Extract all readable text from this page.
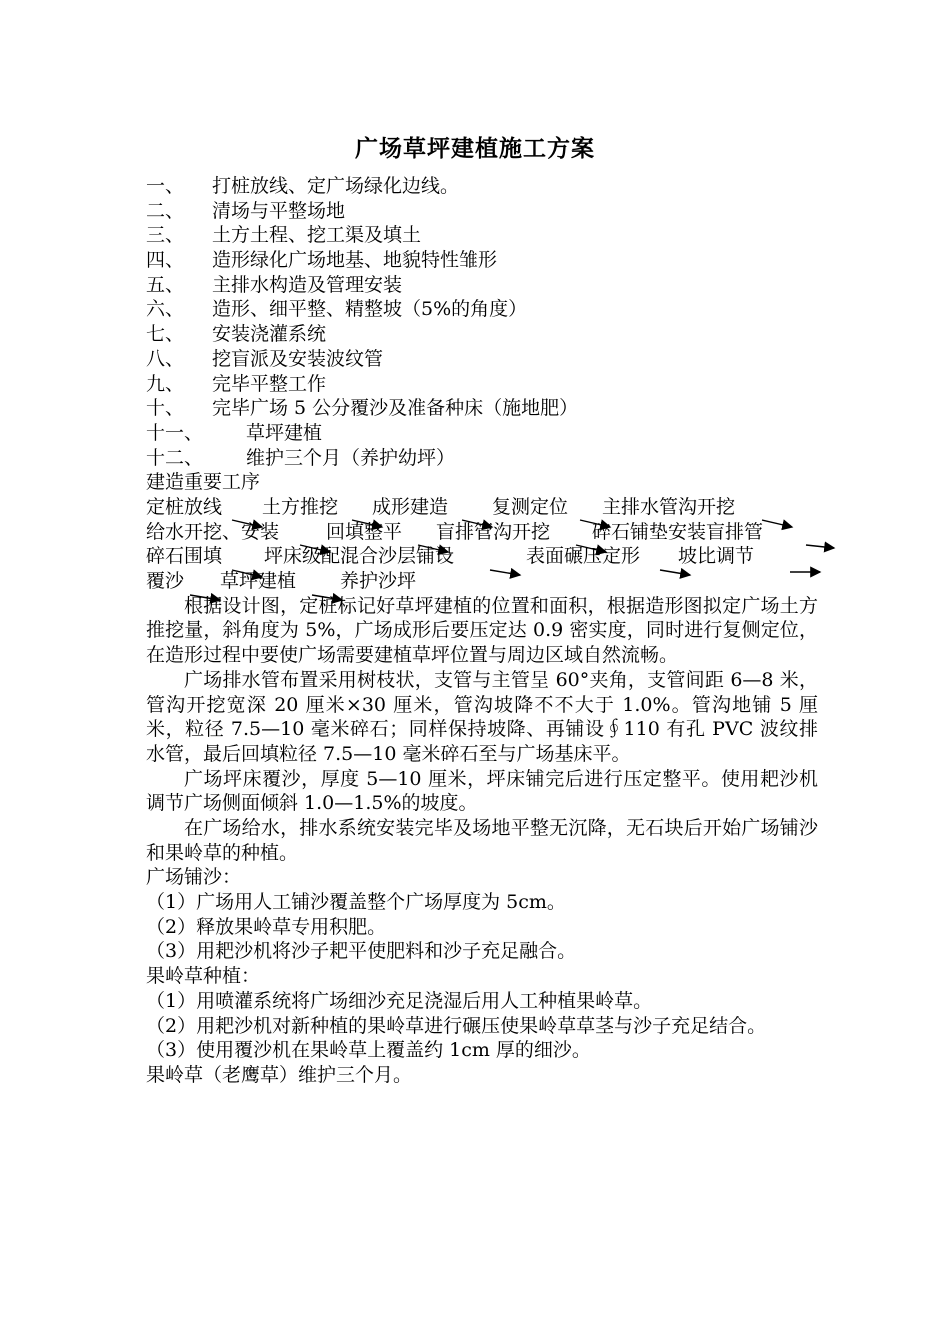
广场草坪建植施工方案
一、 打桩放线、定广场绿化边线。
二、 清场与平整场地
三、 土方土程、挖工渠及填土
四、 造形绿化广场地基、地貌特性雏形
五、 主排水构造及管理安装
六、 造形、细平整、精整坡（5%的角度）
七、 安装浇灌系统
八、 挖盲派及安装波纹管
九、 完毕平整工作
十、 完毕广场 5 公分覆沙及准备种床（施地肥）
十一、 草坪建植
十二、 维护三个月（养护幼坪）
建造重要工序
定桩放线 土方推挖 成形建造 复测定位 主排水管沟开挖
给水开挖、安装 回填整平 盲排管沟开挖 碎石铺垫安装盲排管
碎石围填 坪床级配混合沙层铺设	表面碾压定形 坡比调节
覆沙 草坪建植 养护沙坪
根据设计图，定桩标记好草坪建植的位置和面积，根据造形图拟定广场土方推挖量，斜角度为 5%，广场成形后要压定达 0.9 密实度，同时进行复侧定位，在造形过程中要使广场需要建植草坪位置与周边区域自然流畅。
广场排水管布置采用树枝状，支管与主管呈 60°夹角，支管间距 6—8 米，管沟开挖宽深 20 厘米×30 厘米，管沟坡降不不大于 1.0%。管沟地铺 5 厘米，粒径 7.5—10 毫米碎石；同样保持坡降、再铺设∮110 有孔 PVC 波纹排水管，最后回填粒径 7.5—10 毫米碎石至与广场基床平。
广场坪床覆沙，厚度 5—10 厘米，坪床铺完后进行压定整平。使用耙沙机调节广场侧面倾斜 1.0—1.5%的坡度。
在广场给水，排水系统安装完毕及场地平整无沉降，无石块后开始广场铺沙和果岭草的种植。
广场铺沙：
（1）广场用人工铺沙覆盖整个广场厚度为 5cm。
（2）释放果岭草专用积肥。
（3）用耙沙机将沙子耙平使肥料和沙子充足融合。
果岭草种植：
（1）用喷灌系统将广场细沙充足浇湿后用人工种植果岭草。
（2）用耙沙机对新种植的果岭草进行碾压使果岭草草茎与沙子充足结合。
（3）使用覆沙机在果岭草上覆盖约 1cm 厚的细沙。
果岭草（老鹰草）维护三个月。
